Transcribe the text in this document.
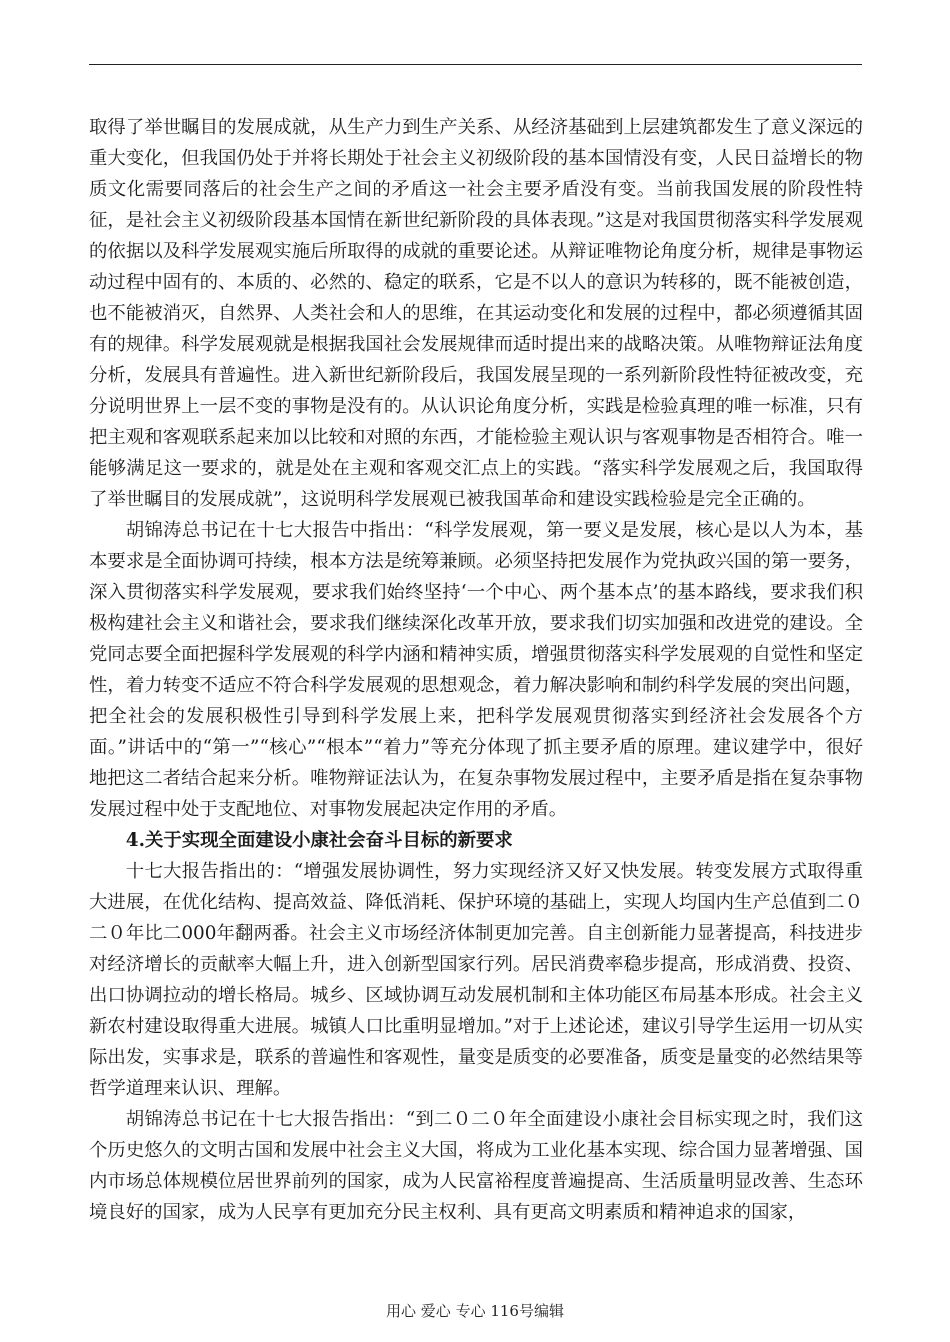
取得了举世瞩目的发展成就，从生产力到生产关系、从经济基础到上层建筑都发生了意义深远的重大变化，但我国仍处于并将长期处于社会主义初级阶段的基本国情没有变，人民日益增长的物质文化需要同落后的社会生产之间的矛盾这一社会主要矛盾没有变。当前我国发展的阶段性特征，是社会主义初级阶段基本国情在新世纪新阶段的具体表现。”这是对我国贯彻落实科学发展观的依据以及科学发展观实施后所取得的成就的重要论述。从辩证唯物论角度分析，规律是事物运动过程中固有的、本质的、必然的、稳定的联系，它是不以人的意识为转移的，既不能被创造，也不能被消灭，自然界、人类社会和人的思维，在其运动变化和发展的过程中，都必须遵循其固有的规律。科学发展观就是根据我国社会发展规律而适时提出来的战略决策。从唯物辩证法角度分析，发展具有普遍性。进入新世纪新阶段后，我国发展呈现的一系列新阶段性特征被改变，充分说明世界上一层不变的事物是没有的。从认识论角度分析，实践是检验真理的唯一标准，只有把主观和客观联系起来加以比较和对照的东西，才能检验主观认识与客观事物是否相符合。唯一能够满足这一要求的，就是处在主观和客观交汇点上的实践。“落实科学发展观之后，我国取得了举世瞩目的发展成就”，这说明科学发展观已被我国革命和建设实践检验是完全正确的。

胡锦涛总书记在十七大报告中指出：“科学发展观，第一要义是发展，核心是以人为本，基本要求是全面协调可持续，根本方法是统筹兼顾。必须坚持把发展作为党执政兴国的第一要务，深入贯彻落实科学发展观，要求我们始终坚持‘一个中心、两个基本点’的基本路线，要求我们积极构建社会主义和谐社会，要求我们继续深化改革开放，要求我们切实加强和改进党的建设。全党同志要全面把握科学发展观的科学内涵和精神实质，增强贯彻落实科学发展观的自觉性和坚定性，着力转变不适应不符合科学发展观的思想观念，着力解决影响和制约科学发展的突出问题，把全社会的发展积极性引导到科学发展上来，把科学发展观贯彻落实到经济社会发展各个方面。”讲话中的“第一”“核心”“根本”“着力”等充分体现了抓主要矛盾的原理。建议建学中，很好地把这二者结合起来分析。唯物辩证法认为，在复杂事物发展过程中，主要矛盾是指在复杂事物发展过程中处于支配地位、对事物发展起决定作用的矛盾。

4.关于实现全面建设小康社会奋斗目标的新要求

十七大报告指出的：“增强发展协调性，努力实现经济又好又快发展。转变发展方式取得重大进展，在优化结构、提高效益、降低消耗、保护环境的基础上，实现人均国内生产总值到二０二０年比二000年翻两番。社会主义市场经济体制更加完善。自主创新能力显著提高，科技进步对经济增长的贡献率大幅上升，进入创新型国家行列。居民消费率稳步提高，形成消费、投资、出口协调拉动的增长格局。城乡、区域协调互动发展机制和主体功能区布局基本形成。社会主义新农村建设取得重大进展。城镇人口比重明显增加。”对于上述论述，建议引导学生运用一切从实际出发，实事求是，联系的普遍性和客观性，量变是质变的必要准备，质变是量变的必然结果等哲学道理来认识、理解。

胡锦涛总书记在十七大报告指出：“到二０二０年全面建设小康社会目标实现之时，我们这个历史悠久的文明古国和发展中社会主义大国，将成为工业化基本实现、综合国力显著增强、国内市场总体规模位居世界前列的国家，成为人民富裕程度普遍提高、生活质量明显改善、生态环境良好的国家，成为人民享有更加充分民主权利、具有更高文明素质和精神追求的国家，

用心 爱心 专心 116号编辑
